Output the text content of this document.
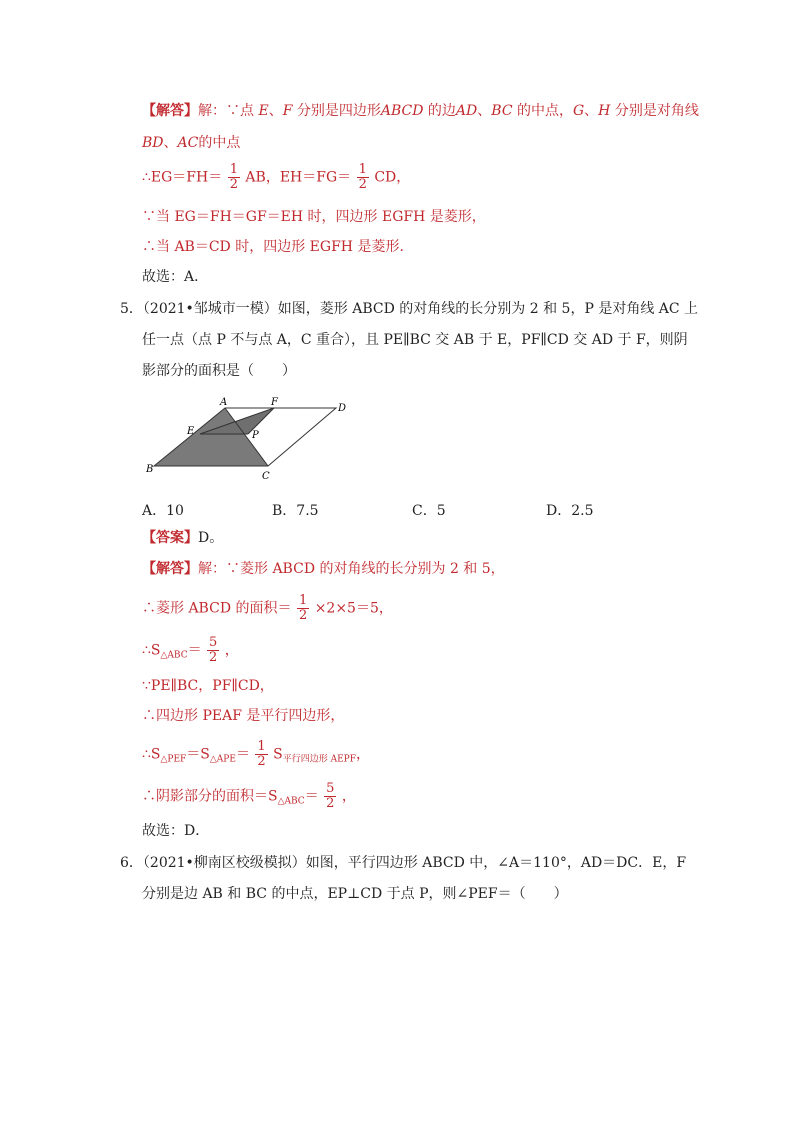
【解答】解：∵点 E、F 分别是四边形ABCD 的边AD、BC 的中点，G、H 分别是对角线
BD、AC的中点
∴EG＝FH＝ $\frac{1}{2}$ AB，$EH=FG= \frac{1}{2}$ CD，
∵当 EG＝FH＝GF＝EH 时，四边形 EGFH 是菱形，
∴当 AB＝CD 时，四边形 EGFH 是菱形．
故选：A．
5．（2021•邹城市一模）如图，菱形 ABCD 的对角线的长分别为 2 和 5，P 是对角线 AC 上
任一点（点 P 不与点 A，C 重合），且 PE∥BC 交 AB 于 E，PF∥CD 交 AD 于 F，则阴
影部分的面积是（　　）
A	F
D
E	P
B
C
A．10	B．7.5	C．5	D．2.5
【答案】D。
【解答】解：∵菱形 ABCD 的对角线的长分别为 2 和 5，
∴菱形 ABCD 的面积＝ $\frac{1}{2} \times 2\times 5=5$，
$\therefore S_{\triangle ABC}= \frac{5}{2}$ ，
∵PE∥BC，PF∥CD，
∴四边形 PEAF 是平行四边形，
$\therefore S_{\triangle PEF}=S_{\triangle APE}= \frac{1}{2} S_{平行四边形 AEPF}$，
∴阴影部分的面积$=S_{\triangle ABC}= \frac{5}{2}$ ，
故选：D．
6．（2021•柳南区校级模拟）如图，平行四边形 ABCD 中，∠A＝110°，AD＝DC．E，F
分别是边 AB 和 BC 的中点，EP⊥CD 于点 P，则∠PEF＝（　　）
